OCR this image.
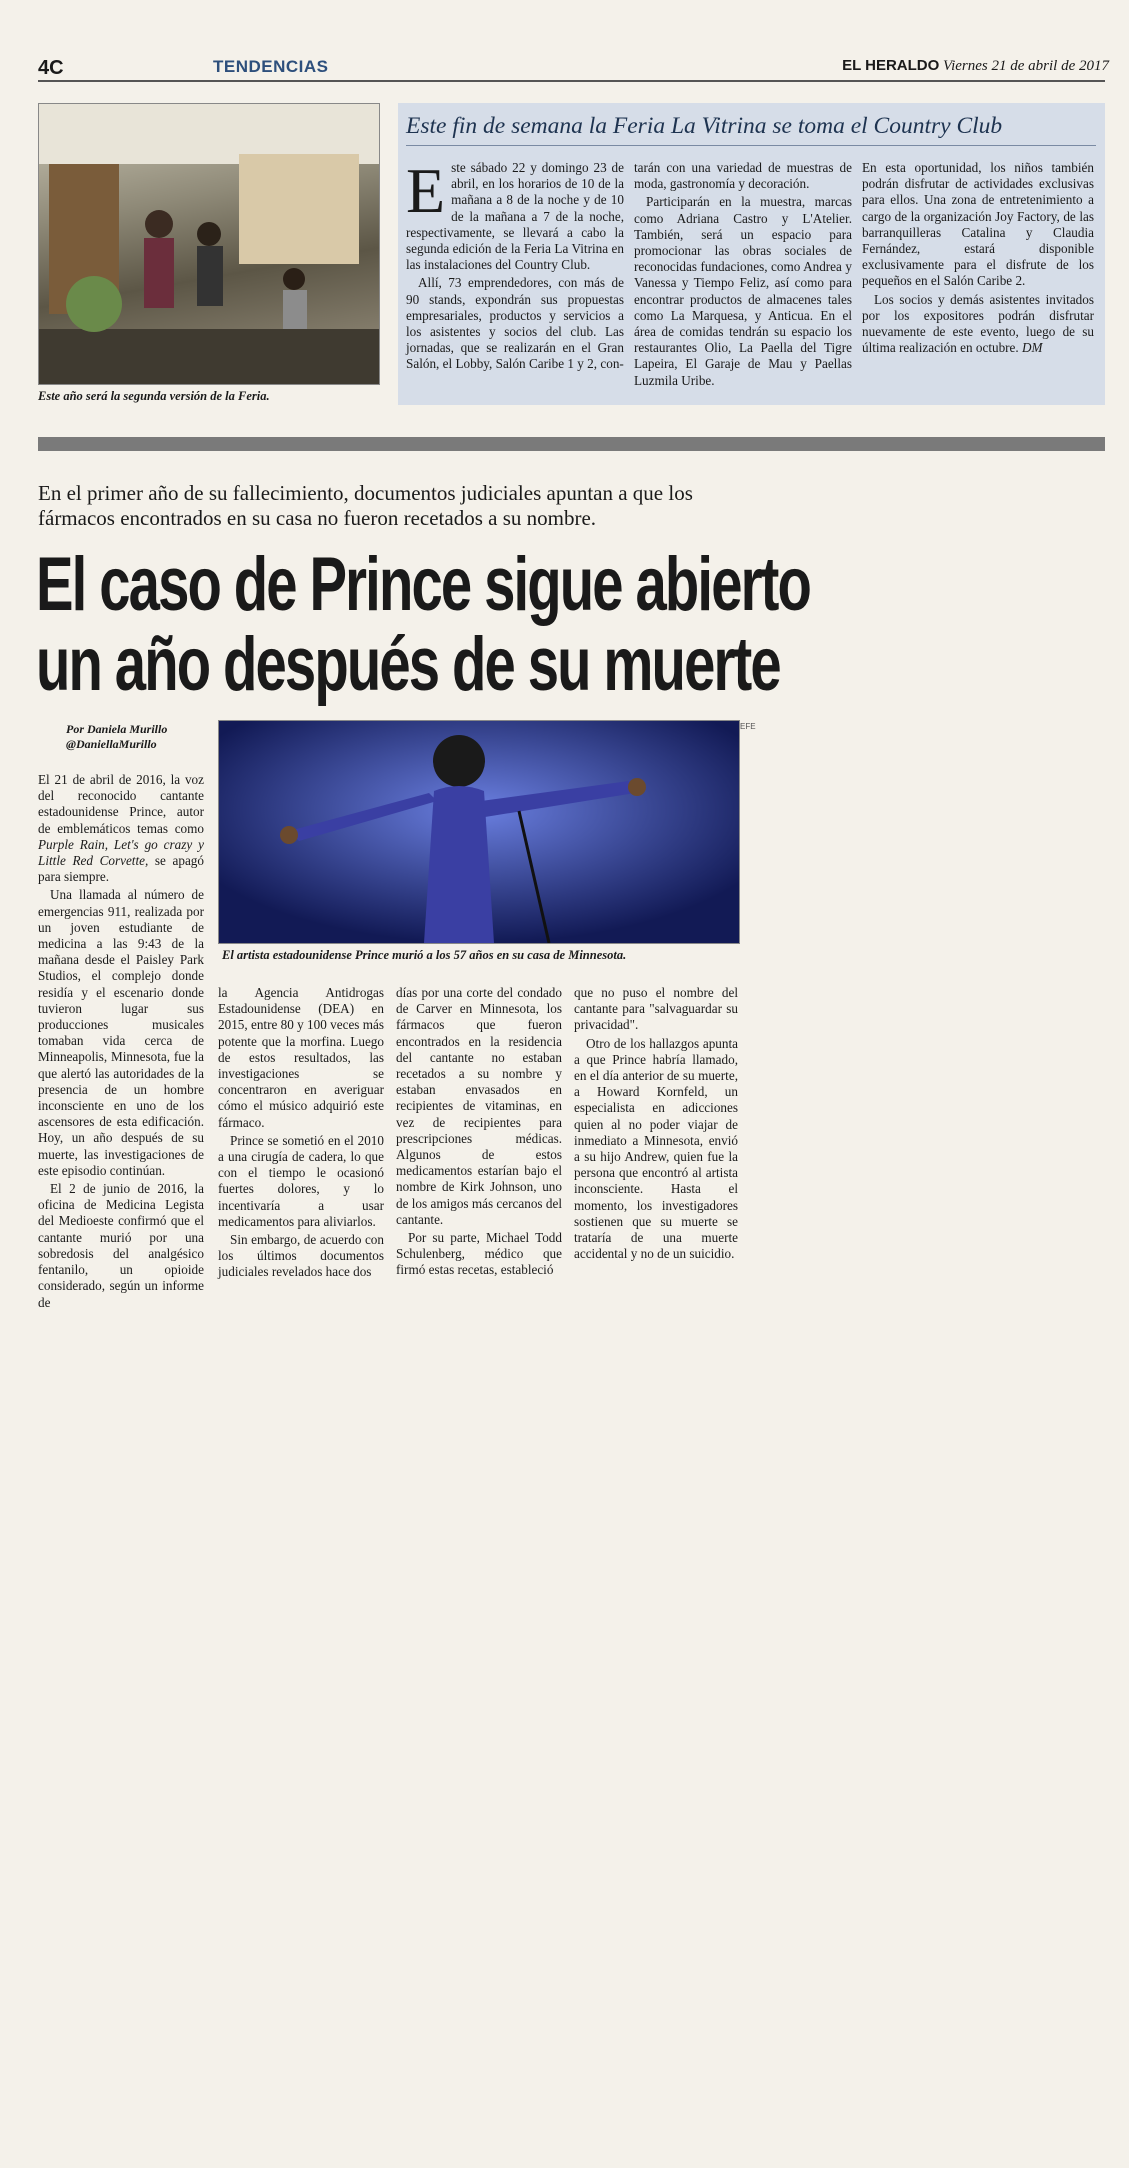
4C	TENDENCIAS	EL HERALDO Viernes 21 de abril de 2017
Este año será la segunda versión de la Feria.
Este fin de semana la Feria La Vitrina se toma el Country Club

Este sábado 22 y domingo 23 de abril, en los horarios de 10 de la mañana a 8 de la noche y de 10 de la mañana a 7 de la noche, respectivamente, se llevará a cabo la segunda edición de la Feria La Vitrina en las instalaciones del Country Club.

Allí, 73 emprendedores, con más de 90 stands, expondrán sus propuestas empresariales, productos y servicios a los asistentes y socios del club. Las jornadas, que se realizarán en el Gran Salón, el Lobby, Salón Caribe 1 y 2, con-

tarán con una variedad de muestras de moda, gastronomía y decoración.

Participarán en la muestra, marcas como Adriana Castro y L'Atelier. También, será un espacio para promocionar las obras sociales de reconocidas fundaciones, como Andrea y Vanessa y Tiempo Feliz, así como para encontrar productos de almacenes tales como La Marquesa, y Anticua. En el área de comidas tendrán su espacio los restaurantes Olio, La Paella del Tigre Lapeira, El Garaje de Mau y Paellas Luzmila Uribe.

En esta oportunidad, los niños también podrán disfrutar de actividades exclusivas para ellos. Una zona de entretenimiento a cargo de la organización Joy Factory, de las barranquilleras Catalina y Claudia Fernández, estará disponible exclusivamente para el disfrute de los pequeños en el Salón Caribe 2.

Los socios y demás asistentes invitados por los expositores podrán disfrutar nuevamente de este evento, luego de su última realización en octubre. DM

En el primer año de su fallecimiento, documentos judiciales apuntan a que los fármacos encontrados en su casa no fueron recetados a su nombre.
El caso de Prince sigue abierto
un año después de su muerte
Por Daniela Murillo
@DaniellaMurillo
EFE
El artista estadounidense Prince murió a los 57 años en su casa de Minnesota.

El 21 de abril de 2016, la voz del reconocido cantante estadounidense Prince, autor de emblemáticos temas como Purple Rain, Let's go crazy y Little Red Corvette, se apagó para siempre.

Una llamada al número de emergencias 911, realizada por un joven estudiante de medicina a las 9:43 de la mañana desde el Paisley Park Studios, el complejo donde residía y el escenario donde tuvieron lugar sus producciones musicales tomaban vida cerca de Minneapolis, Minnesota, fue la que alertó las autoridades de la presencia de un hombre inconsciente en uno de los ascensores de esta edificación. Hoy, un año después de su muerte, las investigaciones de este episodio continúan.

El 2 de junio de 2016, la oficina de Medicina Legista del Medioeste confirmó que el cantante murió por una sobredosis del analgésico fentanilo, un opioide considerado, según un informe de

la Agencia Antidrogas Estadounidense (DEA) en 2015, entre 80 y 100 veces más potente que la morfina. Luego de estos resultados, las investigaciones se concentraron en averiguar cómo el músico adquirió este fármaco.

Prince se sometió en el 2010 a una cirugía de cadera, lo que con el tiempo le ocasionó fuertes dolores, y lo incentivaría a usar medicamentos para aliviarlos.

Sin embargo, de acuerdo con los últimos documentos judiciales revelados hace dos

días por una corte del condado de Carver en Minnesota, los fármacos que fueron encontrados en la residencia del cantante no estaban recetados a su nombre y estaban envasados en recipientes de vitaminas, en vez de recipientes para prescripciones médicas. Algunos de estos medicamentos estarían bajo el nombre de Kirk Johnson, uno de los amigos más cercanos del cantante.

Por su parte, Michael Todd Schulenberg, médico que firmó estas recetas, estableció

que no puso el nombre del cantante para "salvaguardar su privacidad".

Otro de los hallazgos apunta a que Prince habría llamado, en el día anterior de su muerte, a Howard Kornfeld, un especialista en adicciones quien al no poder viajar de inmediato a Minnesota, envió a su hijo Andrew, quien fue la persona que encontró al artista inconsciente. Hasta el momento, los investigadores sostienen que su muerte se trataría de una muerte accidental y no de un suicidio.
